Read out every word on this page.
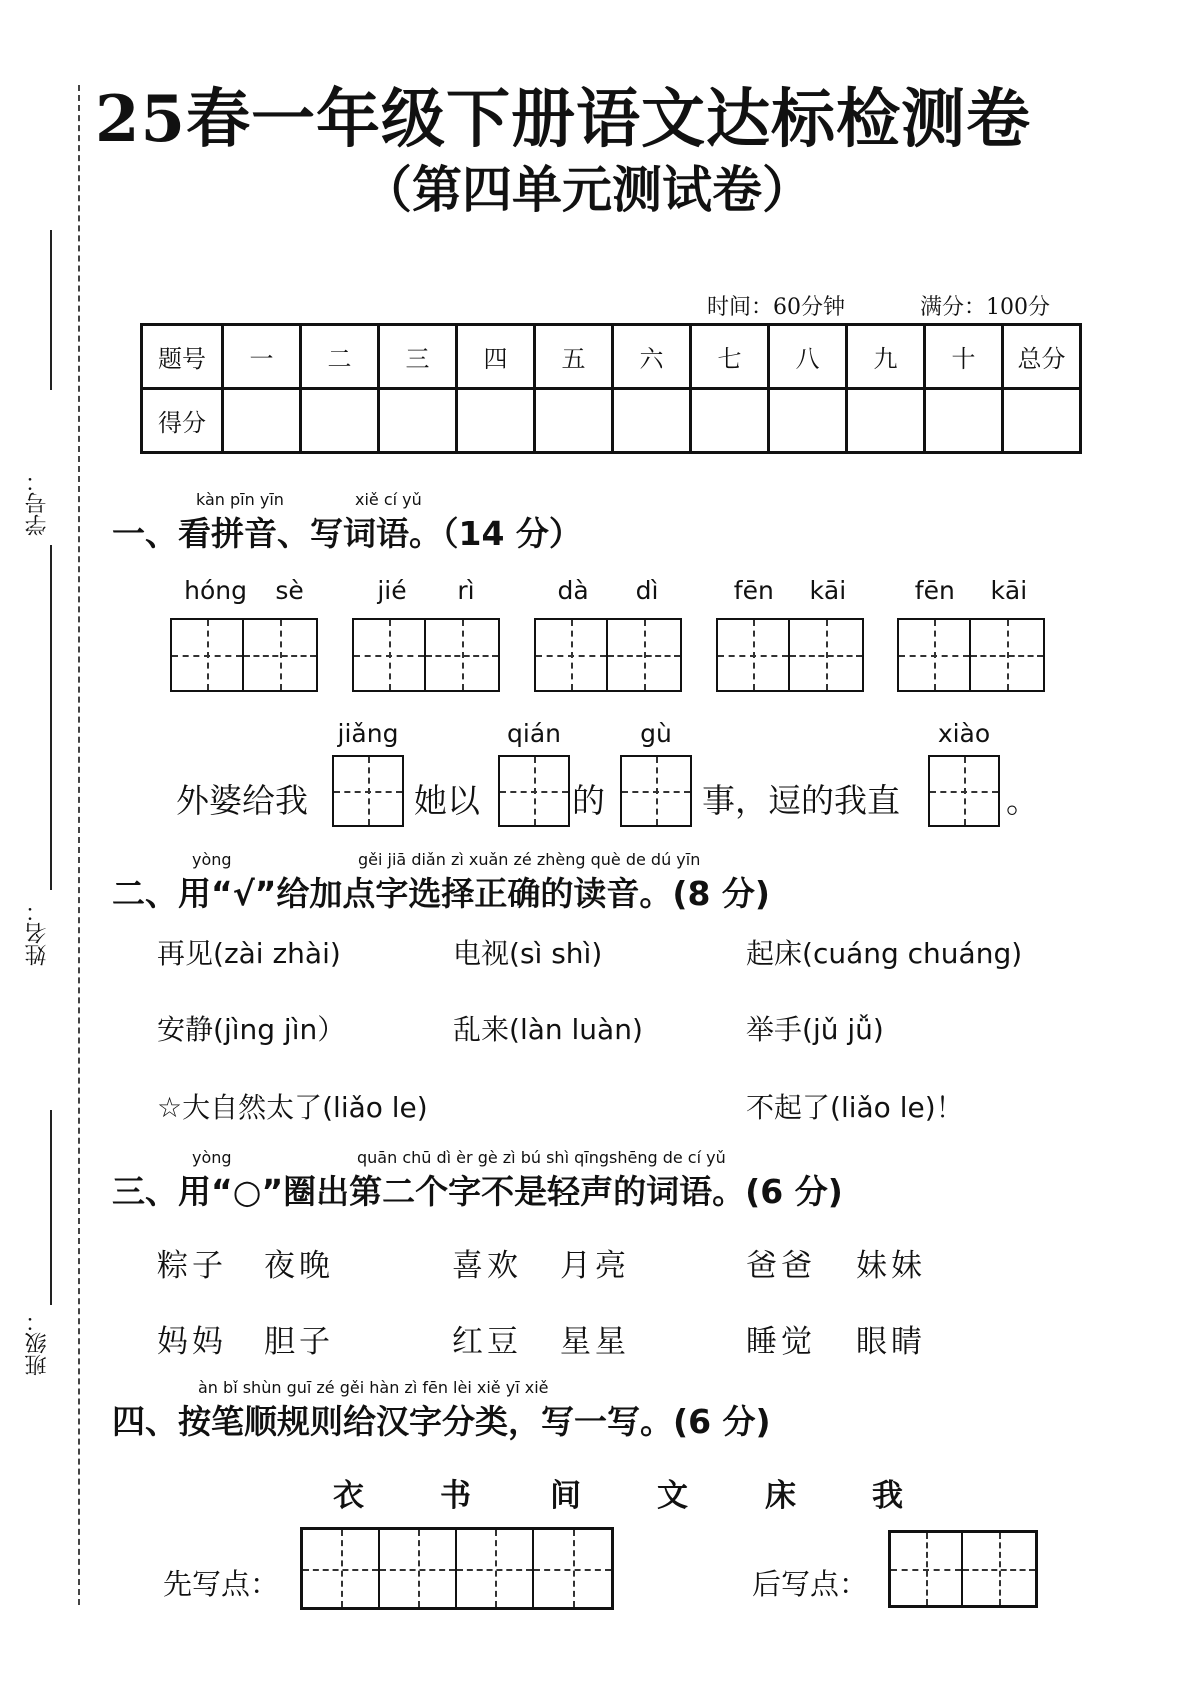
学号：
姓名：
班级：
25春一年级下册语文达标检测卷
（第四单元测试卷）
时间：60分钟	满分：100分
题号	一	二	三	四	五	六	七	八	九	十	总分
得分											
kàn pīn yīn	xiě cí yǔ
一、看拼音、写词语。（14 分）
hóng sè	jié rì	dà dì	fēn kāi	fēn kāi
外婆给我
jiǎng
她以
qián
的
gù
事，逗的我直
xiào
。
yòng	gěi jiā diǎn zì xuǎn zé zhèng què de dú yīn
二、用“√”给加点字选择正确的读音。(8 分)
再见(zài zhài)	电视(sì shì)	起床(cuáng chuáng)
安静(jìng jìn）	乱来(làn luàn)	举手(jǔ jǚ)
☆大自然太了(liǎo le)	不起了(liǎo le)！
yòng	quān chū dì èr gè zì bú shì qīngshēng de cí yǔ
三、用“○”圈出第二个字不是轻声的词语。(6 分)
粽子 夜晚	喜欢 月亮	爸爸 妹妹
妈妈 胆子	红豆 星星	睡觉 眼睛
àn bǐ shùn guī zé gěi hàn zì fēn lèi xiě yī xiě
四、按笔顺规则给汉字分类，写一写。(6 分)
衣 书	间 文 床 我
先写点：	后写点：
